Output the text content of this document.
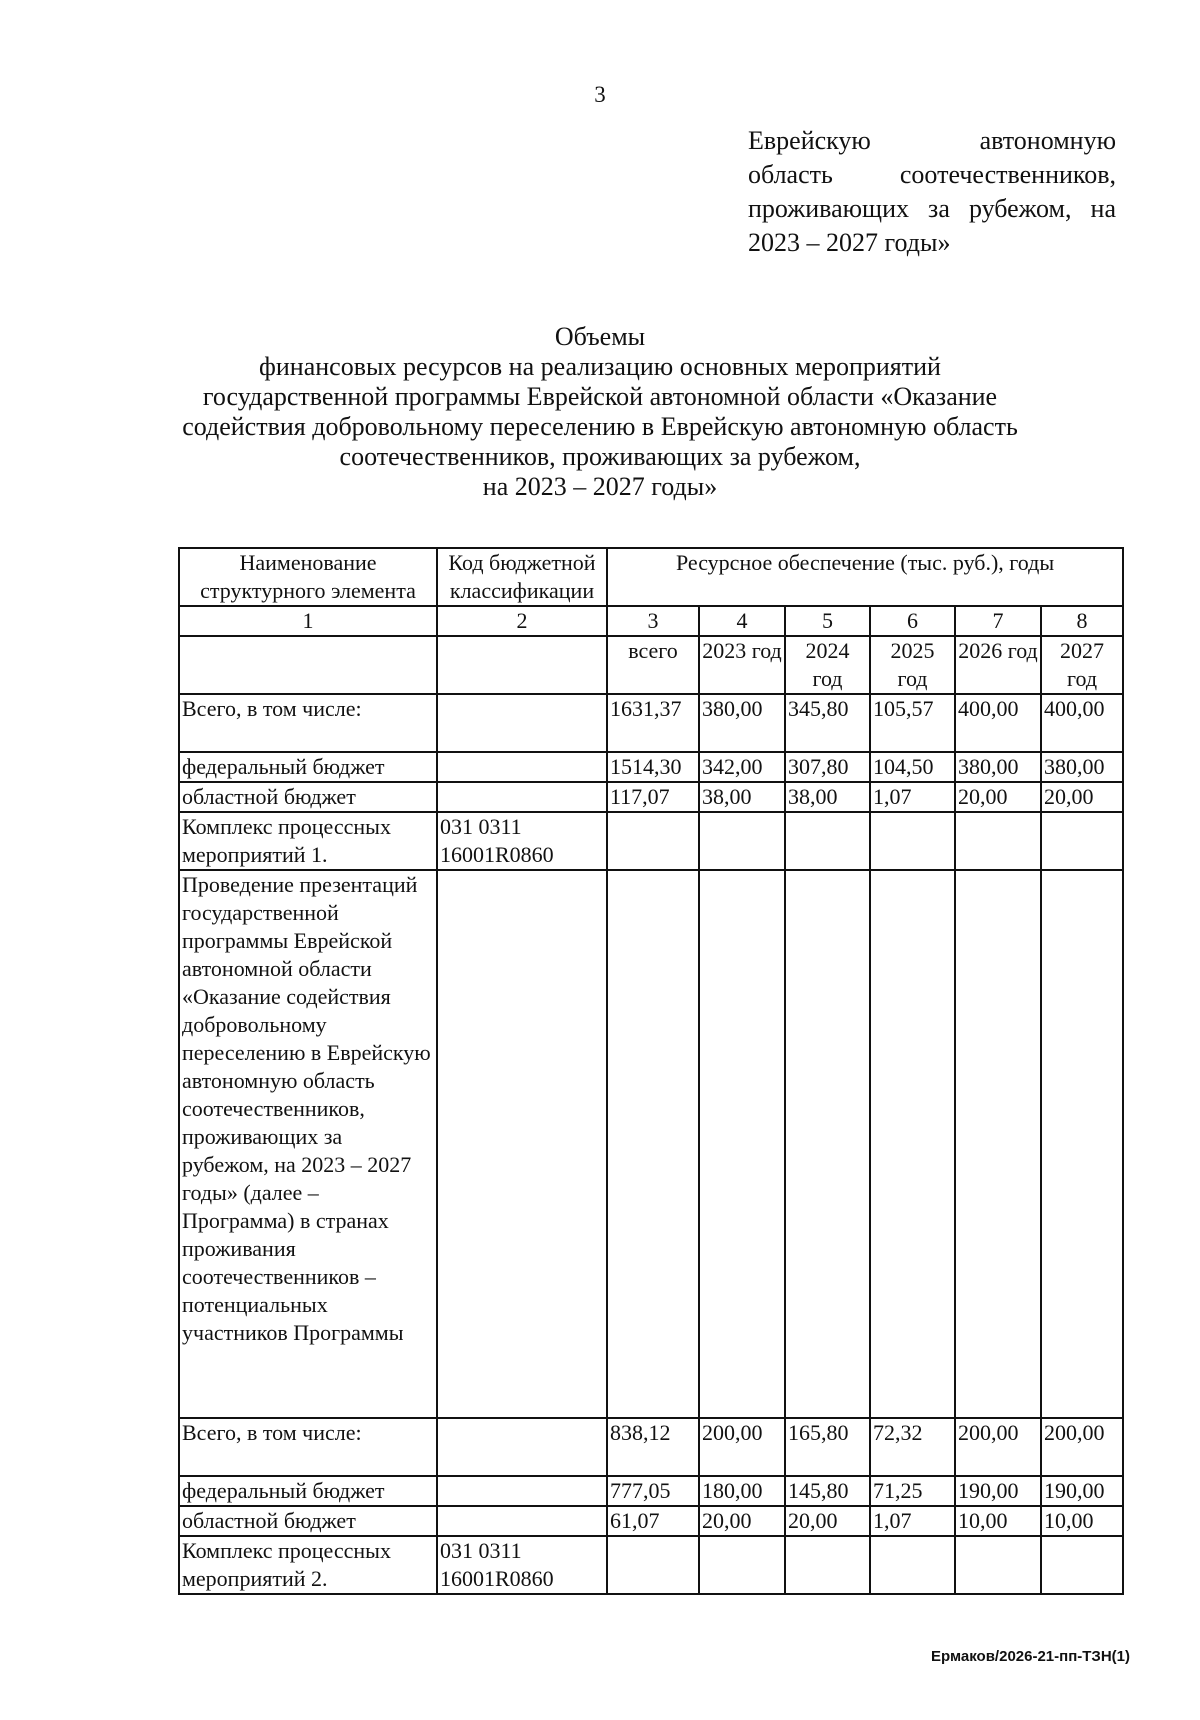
3
Еврейскую автономную
область соотечественников,
проживающих за рубежом, на
2023 – 2027 годы»
Объемы
финансовых ресурсов на реализацию основных мероприятий
государственной программы Еврейской автономной области «Оказание
содействия добровольному переселению в Еврейскую автономную область
соотечественников, проживающих за рубежом,
на 2023 – 2027 годы»
Наименование структурного элемента	Код бюджетной классификации	Ресурсное обеспечение (тыс. руб.), годы					
1	2	3	4	5	6	7	8
		всего	2023 год	2024 год	2025 год	2026 год	2027 год
Всего, в том числе:		1631,37	380,00	345,80	105,57	400,00	400,00
федеральный бюджет		1514,30	342,00	307,80	104,50	380,00	380,00
областной бюджет		117,07	38,00	38,00	1,07	20,00	20,00
Комплекс процессных мероприятий 1.	031 0311 16001R0860						
Проведение презентаций государственной программы Еврейской автономной области «Оказание содействия добровольному переселению в Еврейскую автономную область соотечественников, проживающих за рубежом, на 2023 – 2027 годы» (далее – Программа) в странах проживания соотечественников – потенциальных участников Программы							
Всего, в том числе:		838,12	200,00	165,80	72,32	200,00	200,00
федеральный бюджет		777,05	180,00	145,80	71,25	190,00	190,00
областной бюджет		61,07	20,00	20,00	1,07	10,00	10,00
Комплекс процессных мероприятий 2.	031 0311 16001R0860						
Ермаков/2026-21-пп-ТЗН(1)
